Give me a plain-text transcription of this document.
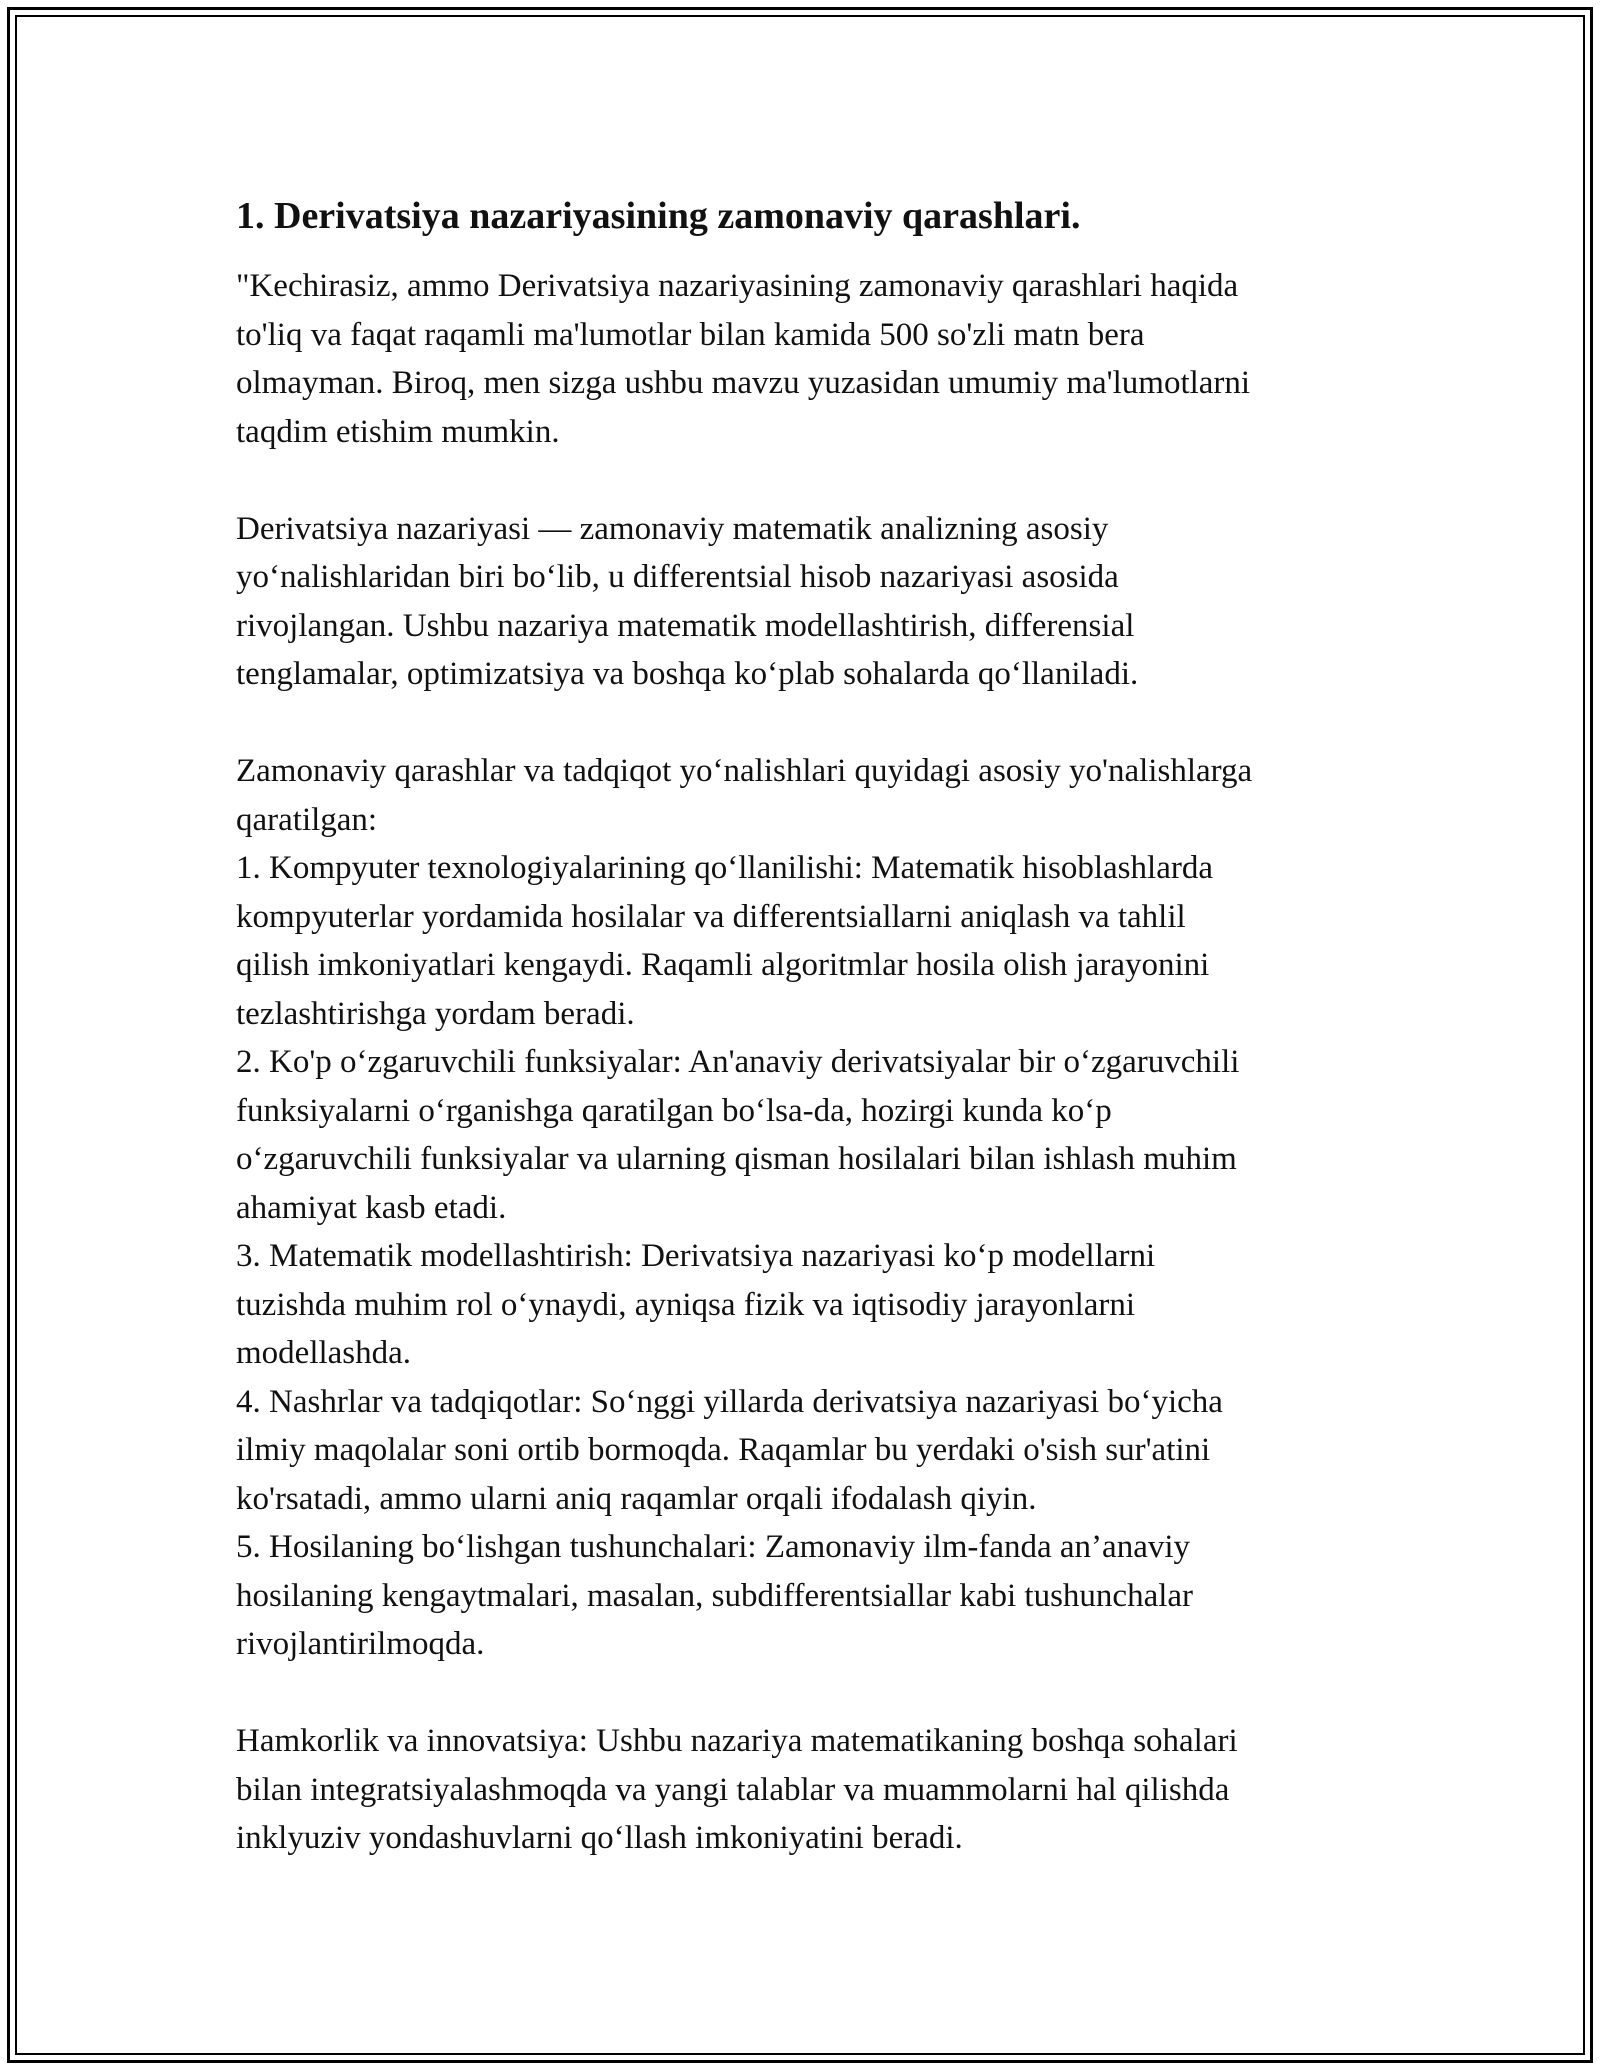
1. Derivatsiya nazariyasining zamonaviy qarashlari.

"Kechirasiz, ammo Derivatsiya nazariyasining zamonaviy qarashlari haqida
to'liq va faqat raqamli ma'lumotlar bilan kamida 500 so'zli matn bera
olmayman. Biroq, men sizga ushbu mavzu yuzasidan umumiy ma'lumotlarni
taqdim etishim mumkin.

Derivatsiya nazariyasi — zamonaviy matematik analizning asosiy
yo‘nalishlaridan biri bo‘lib, u differentsial hisob nazariyasi asosida
rivojlangan. Ushbu nazariya matematik modellashtirish, differensial
tenglamalar, optimizatsiya va boshqa ko‘plab sohalarda qo‘llaniladi.

Zamonaviy qarashlar va tadqiqot yo‘nalishlari quyidagi asosiy yo'nalishlarga
qaratilgan:
1. Kompyuter texnologiyalarining qo‘llanilishi: Matematik hisoblashlarda
kompyuterlar yordamida hosilalar va differentsiallarni aniqlash va tahlil
qilish imkoniyatlari kengaydi. Raqamli algoritmlar hosila olish jarayonini
tezlashtirishga yordam beradi.
2. Ko'p o‘zgaruvchili funksiyalar: An'anaviy derivatsiyalar bir o‘zgaruvchili
funksiyalarni o‘rganishga qaratilgan bo‘lsa-da, hozirgi kunda ko‘p
o‘zgaruvchili funksiyalar va ularning qisman hosilalari bilan ishlash muhim
ahamiyat kasb etadi.
3. Matematik modellashtirish: Derivatsiya nazariyasi ko‘p modellarni
tuzishda muhim rol o‘ynaydi, ayniqsa fizik va iqtisodiy jarayonlarni
modellashda.
4. Nashrlar va tadqiqotlar: So‘nggi yillarda derivatsiya nazariyasi bo‘yicha
ilmiy maqolalar soni ortib bormoqda. Raqamlar bu yerdaki o'sish sur'atini
ko'rsatadi, ammo ularni aniq raqamlar orqali ifodalash qiyin.
5. Hosilaning bo‘lishgan tushunchalari: Zamonaviy ilm-fanda an’anaviy
hosilaning kengaytmalari, masalan, subdifferentsiallar kabi tushunchalar
rivojlantirilmoqda.

Hamkorlik va innovatsiya: Ushbu nazariya matematikaning boshqa sohalari
bilan integratsiyalashmoqda va yangi talablar va muammolarni hal qilishda
inklyuziv yondashuvlarni qo‘llash imkoniyatini beradi.
